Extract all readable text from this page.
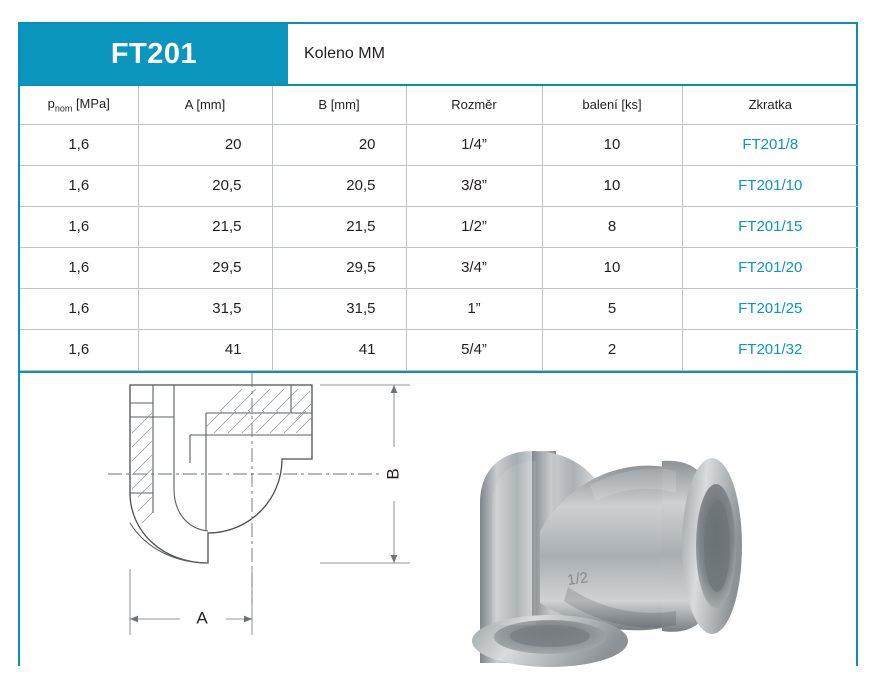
FT201	Koleno MM
$p_{nom}$ [MPa]	A [mm]	B [mm]	Rozměr	balení [ks]	Zkratka
1,6	20	20	1/4”	10	FT201/8
1,6	20,5	20,5	3/8”	10	FT201/10
1,6	21,5	21,5	1/2”	8	FT201/15
1,6	29,5	29,5	3/4”	10	FT201/20
1,6	31,5	31,5	1”	5	FT201/25
1,6	41	41	5/4”	2	FT201/32
B
A
1/2
